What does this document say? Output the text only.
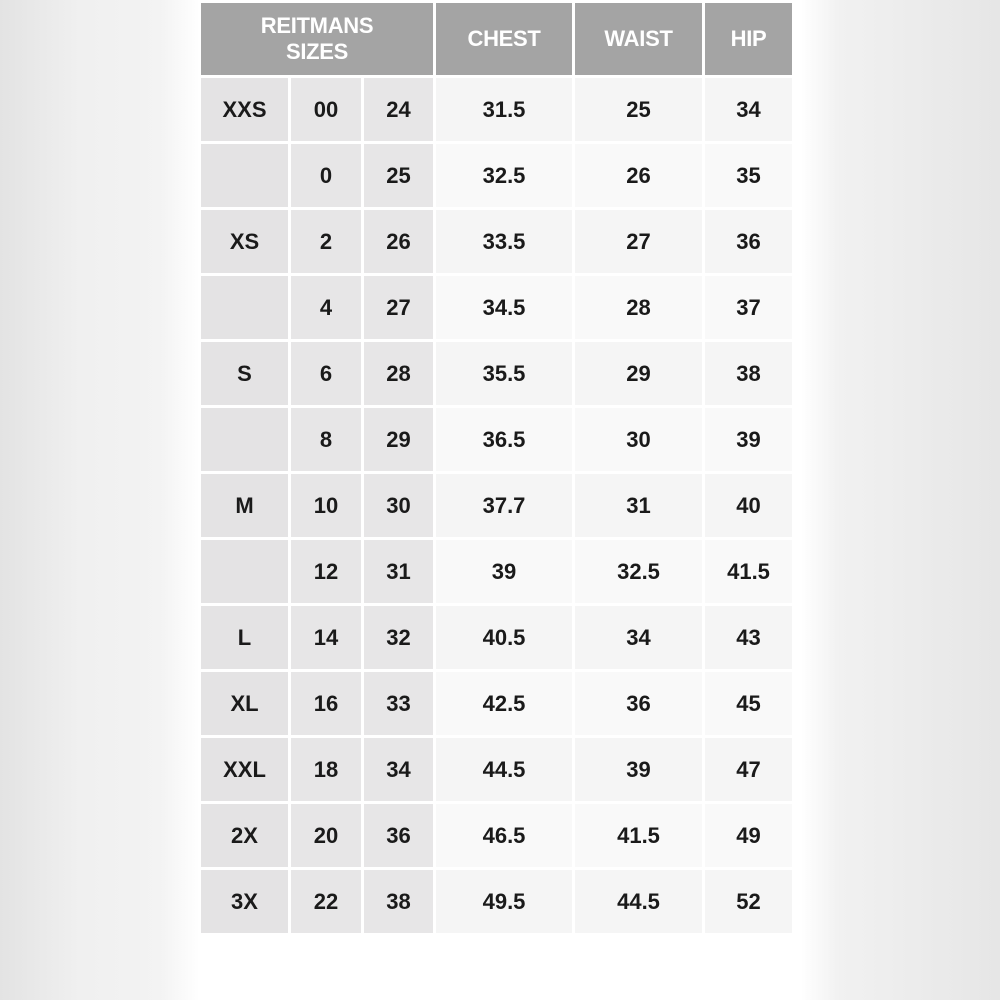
REITMANS SIZES			CHEST	WAIST	HIP
XXS	00	24	31.5	25	34
	0	25	32.5	26	35
XS	2	26	33.5	27	36
	4	27	34.5	28	37
S	6	28	35.5	29	38
	8	29	36.5	30	39
M	10	30	37.7	31	40
	12	31	39	32.5	41.5
L	14	32	40.5	34	43
XL	16	33	42.5	36	45
XXL	18	34	44.5	39	47
2X	20	36	46.5	41.5	49
3X	22	38	49.5	44.5	52
